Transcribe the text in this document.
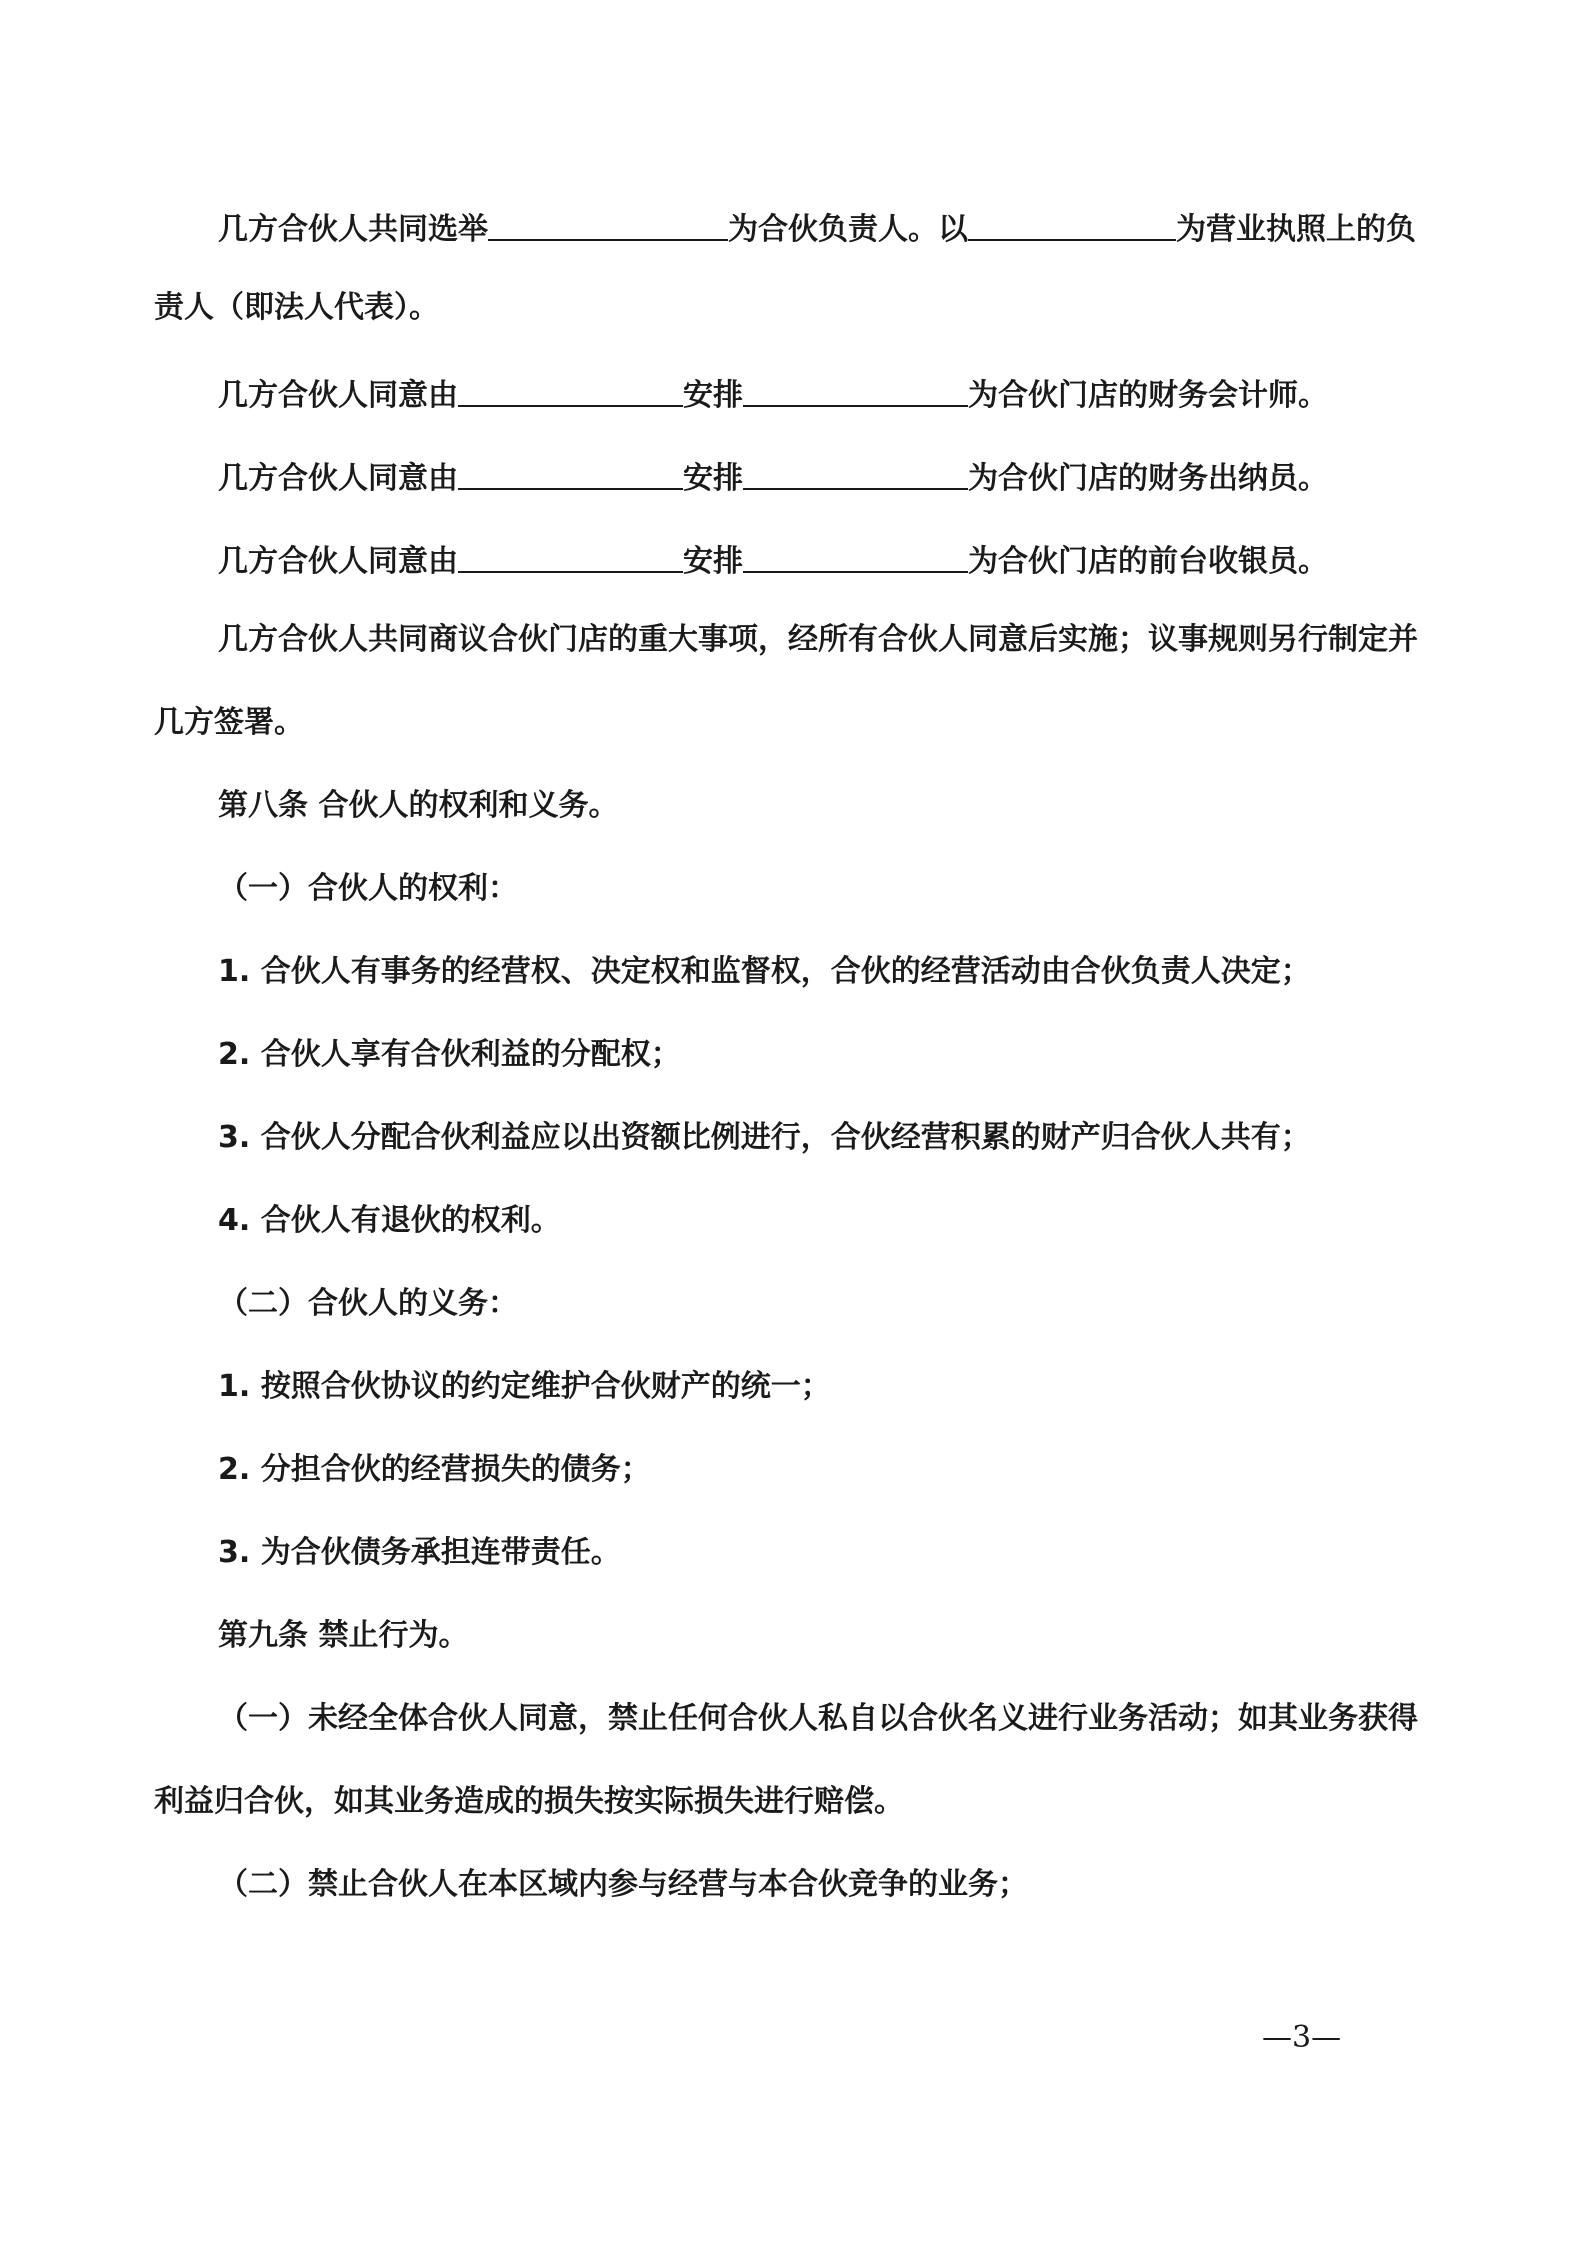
几方合伙人共同选举	为合伙负责人。以	为营业执照上的负
责人（即法人代表）。
几方合伙人同意由	安排	为合伙门店的财务会计师。
几方合伙人同意由	安排	为合伙门店的财务出纳员。
几方合伙人同意由	安排	为合伙门店的前台收银员。
几方合伙人共同商议合伙门店的重大事项，经所有合伙人同意后实施；议事规则另行制定并
几方签署。
第八条 合伙人的权利和义务。
（一）合伙人的权利：
1. 合伙人有事务的经营权、决定权和监督权，合伙的经营活动由合伙负责人决定；
2. 合伙人享有合伙利益的分配权；
3. 合伙人分配合伙利益应以出资额比例进行，合伙经营积累的财产归合伙人共有；
4. 合伙人有退伙的权利。
（二）合伙人的义务：
1. 按照合伙协议的约定维护合伙财产的统一；
2. 分担合伙的经营损失的债务；
3. 为合伙债务承担连带责任。
第九条 禁止行为。
（一）未经全体合伙人同意，禁止任何合伙人私自以合伙名义进行业务活动；如其业务获得
利益归合伙，如其业务造成的损失按实际损失进行赔偿。
（二）禁止合伙人在本区域内参与经营与本合伙竞争的业务；
—3—
